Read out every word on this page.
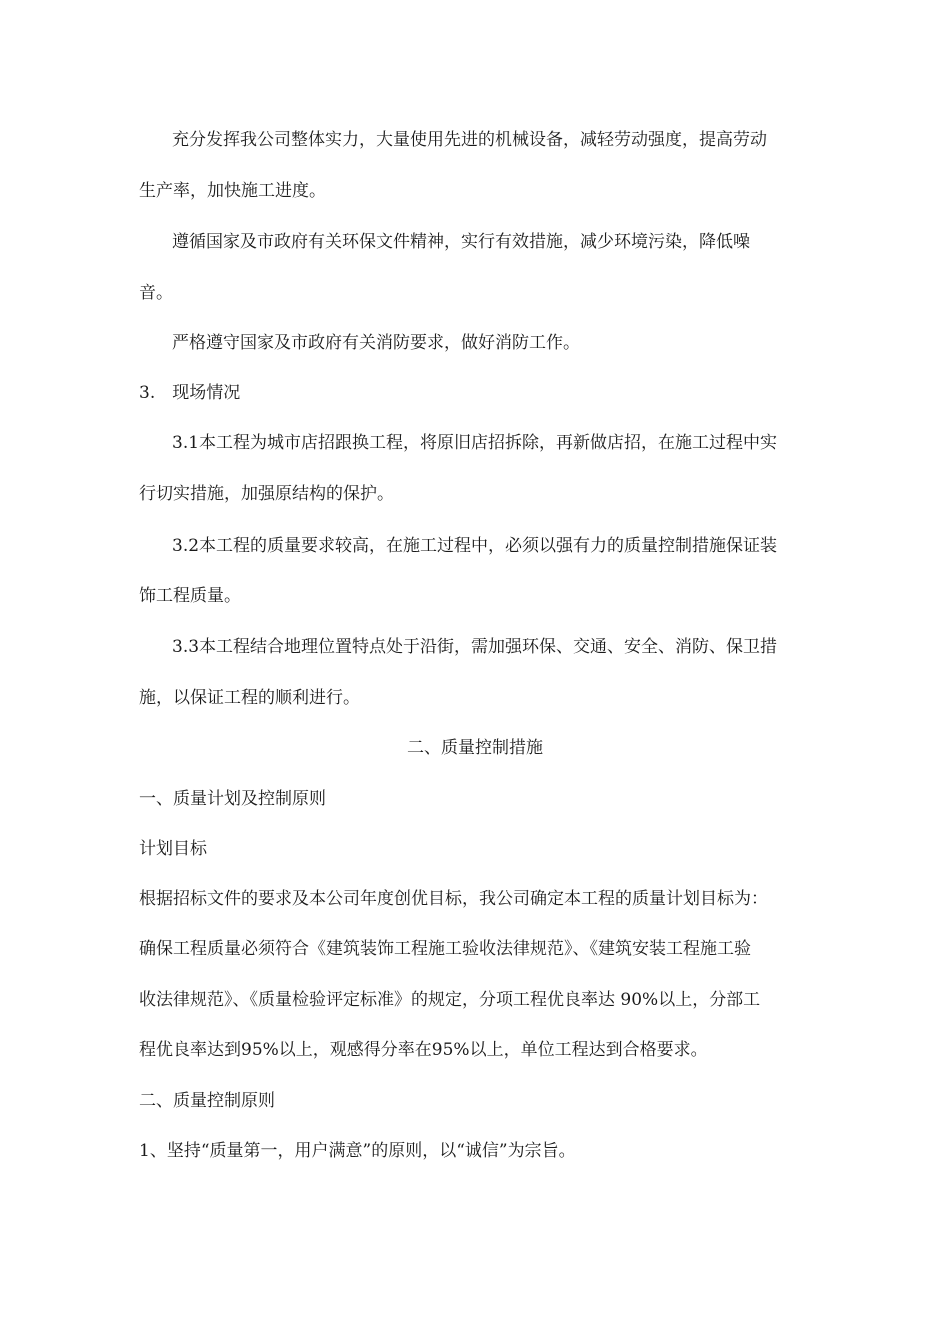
充分发挥我公司整体实力，大量使用先进的机械设备，减轻劳动强度，提高劳动
生产率，加快施工进度。
遵循国家及市政府有关环保文件精神，实行有效措施，减少环境污染，降低噪
音。
严格遵守国家及市政府有关消防要求，做好消防工作。
3.　现场情况
3.1本工程为城市店招跟换工程，将原旧店招拆除，再新做店招，在施工过程中实
行切实措施，加强原结构的保护。
3.2本工程的质量要求较高，在施工过程中，必须以强有力的质量控制措施保证装
饰工程质量。
3.3本工程结合地理位置特点处于沿街，需加强环保、交通、安全、消防、保卫措
施，以保证工程的顺利进行。
二、质量控制措施
一、质量计划及控制原则
计划目标
根据招标文件的要求及本公司年度创优目标，我公司确定本工程的质量计划目标为：
确保工程质量必须符合《建筑装饰工程施工验收法律规范》、《建筑安装工程施工验
收法律规范》、《质量检验评定标准》的规定，分项工程优良率达 90%以上，分部工
程优良率达到95%以上，观感得分率在95%以上，单位工程达到合格要求。
二、质量控制原则
1、坚持“质量第一，用户满意”的原则，以“诚信”为宗旨。
